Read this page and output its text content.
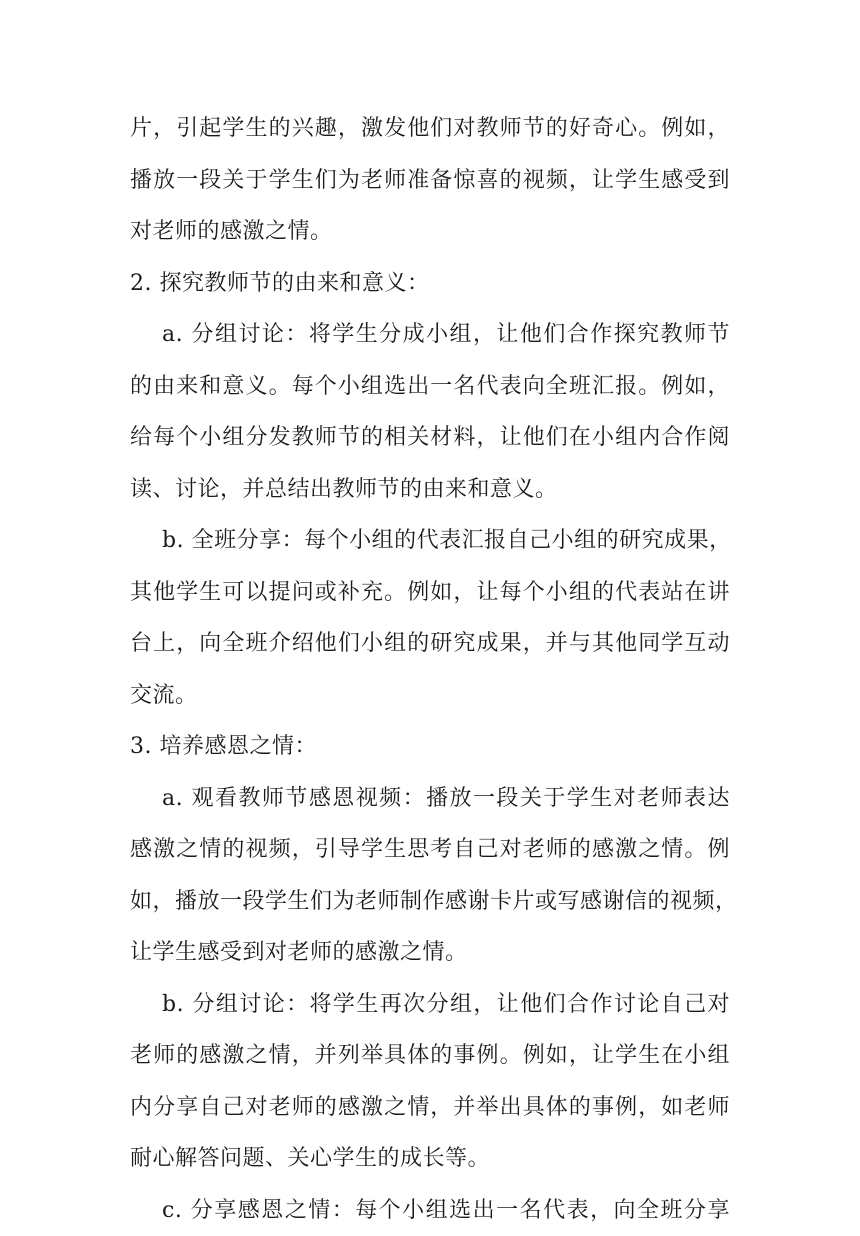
片，引起学生的兴趣，激发他们对教师节的好奇心。例如，
播放一段关于学生们为老师准备惊喜的视频，让学生感受到
对老师的感激之情。
2. 探究教师节的由来和意义：
a. 分组讨论：将学生分成小组，让他们合作探究教师节
的由来和意义。每个小组选出一名代表向全班汇报。例如，
给每个小组分发教师节的相关材料，让他们在小组内合作阅
读、讨论，并总结出教师节的由来和意义。
b. 全班分享：每个小组的代表汇报自己小组的研究成果，
其他学生可以提问或补充。例如，让每个小组的代表站在讲
台上，向全班介绍他们小组的研究成果，并与其他同学互动
交流。
3. 培养感恩之情：
a. 观看教师节感恩视频：播放一段关于学生对老师表达
感激之情的视频，引导学生思考自己对老师的感激之情。例
如，播放一段学生们为老师制作感谢卡片或写感谢信的视频，
让学生感受到对老师的感激之情。
b. 分组讨论：将学生再次分组，让他们合作讨论自己对
老师的感激之情，并列举具体的事例。例如，让学生在小组
内分享自己对老师的感激之情，并举出具体的事例，如老师
耐心解答问题、关心学生的成长等。
c. 分享感恩之情：每个小组选出一名代表，向全班分享
